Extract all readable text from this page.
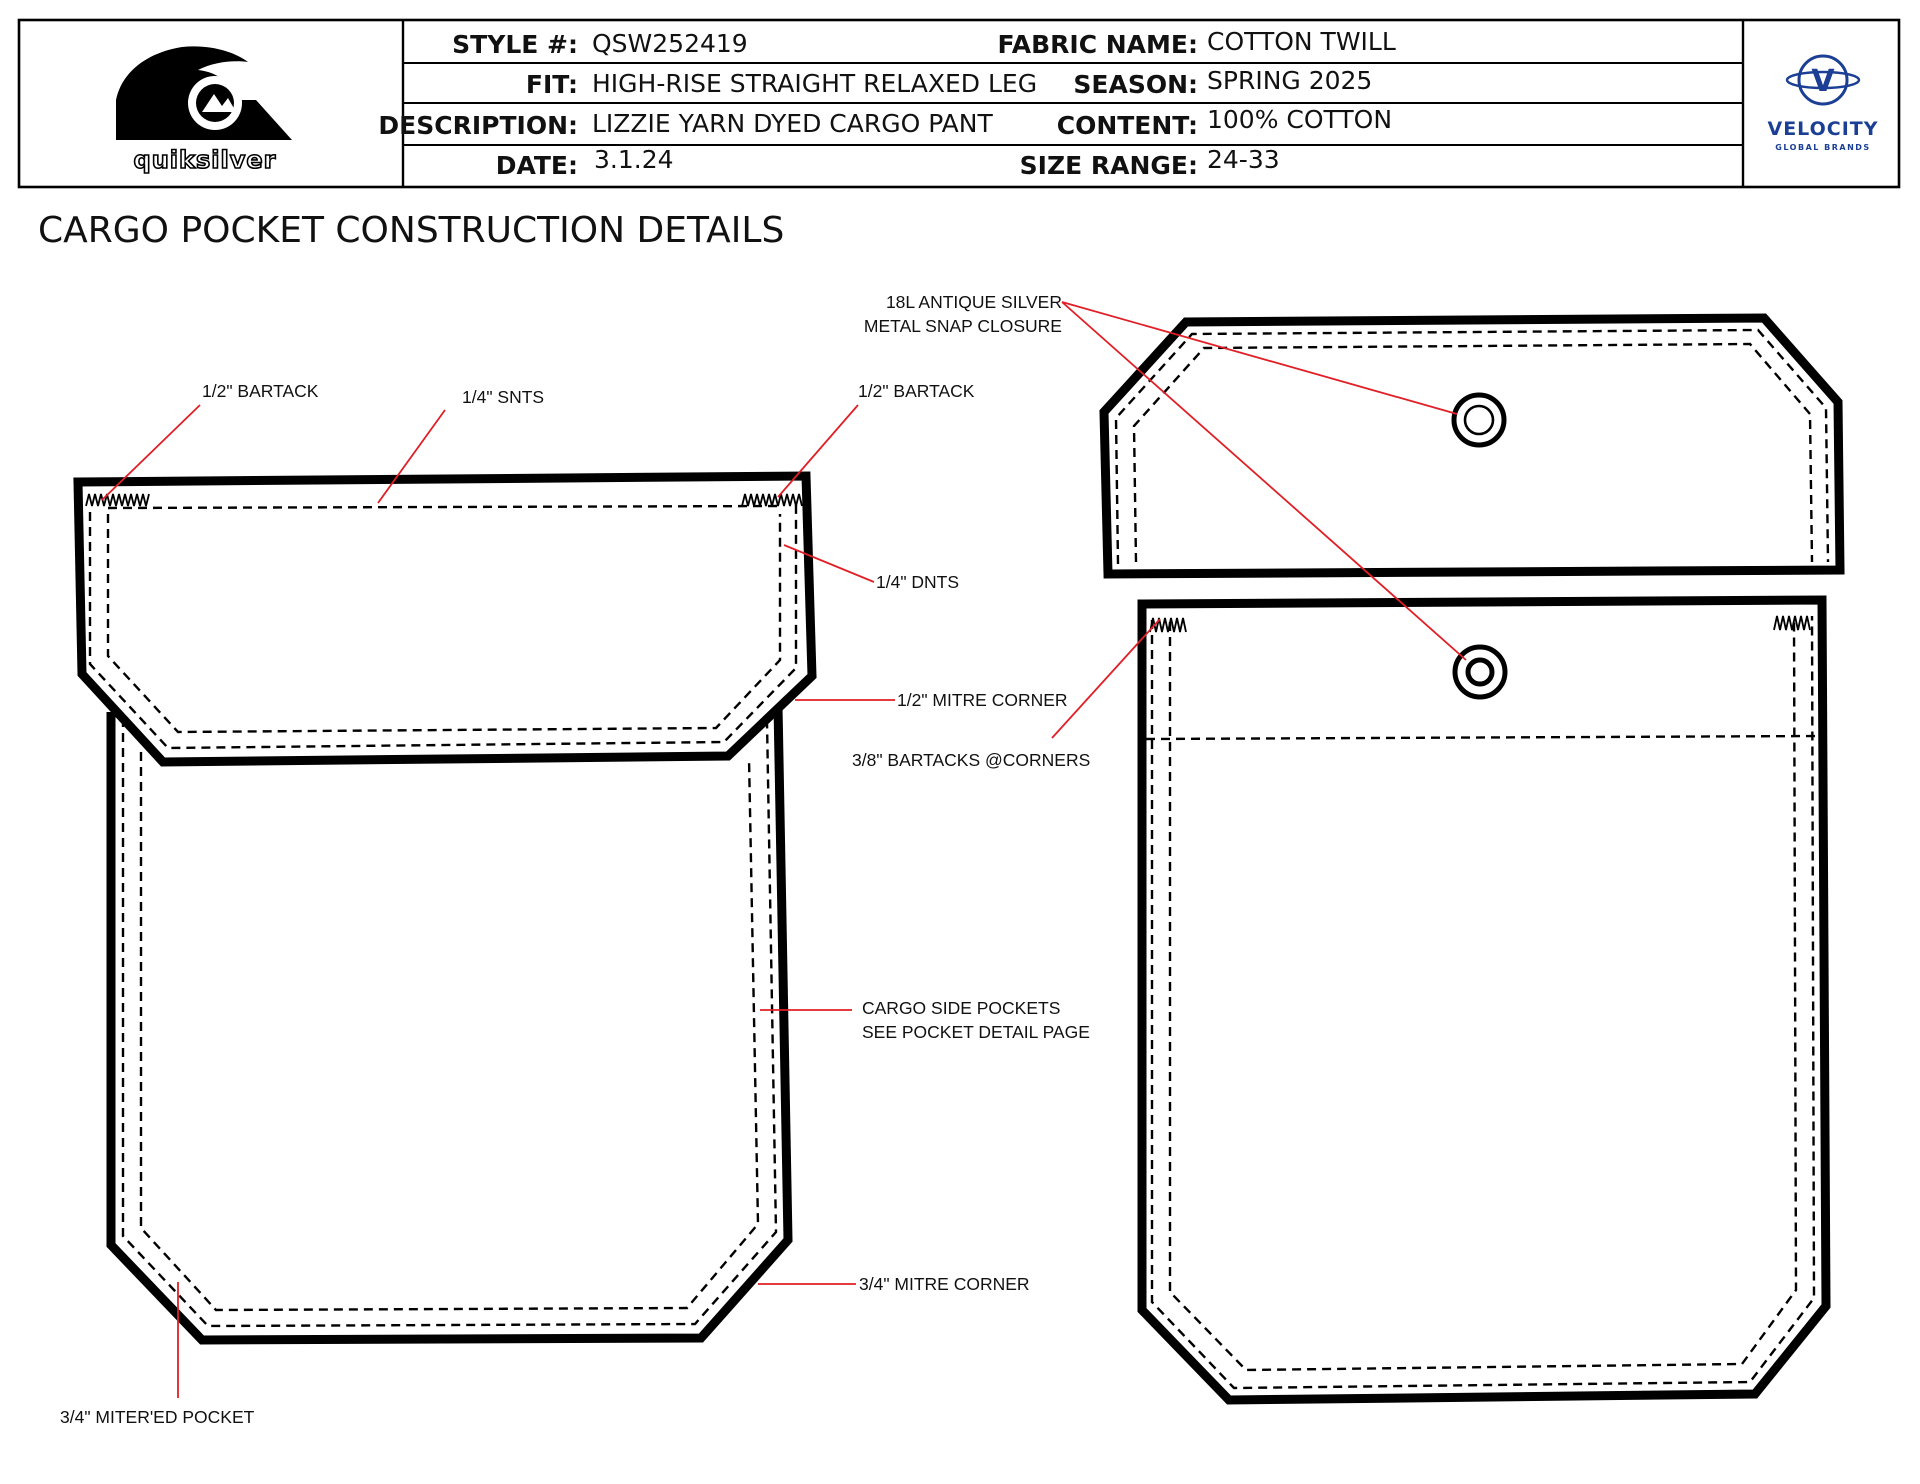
quiksilver
V
VELOCITY
GLOBAL BRANDS
STYLE #: QSW252419
FIT: HIGH-RISE STRAIGHT RELAXED LEG
DESCRIPTION: LIZZIE YARN DYED CARGO PANT
DATE: 3.1.24
FABRIC NAME: COTTON TWILL
SEASON: SPRING 2025
CONTENT: 100% COTTON
SIZE RANGE: 24-33
CARGO POCKET CONSTRUCTION DETAILS
1/2" BARTACK	1/4" SNTS	1/2" BARTACK
1/4" DNTS
1/2" MITRE CORNER
CARGO SIDE POCKETS
SEE POCKET DETAIL PAGE
3/4" MITRE CORNER
3/4" MITER'ED POCKET
18L ANTIQUE SILVER
METAL SNAP CLOSURE
3/8" BARTACKS @CORNERS
